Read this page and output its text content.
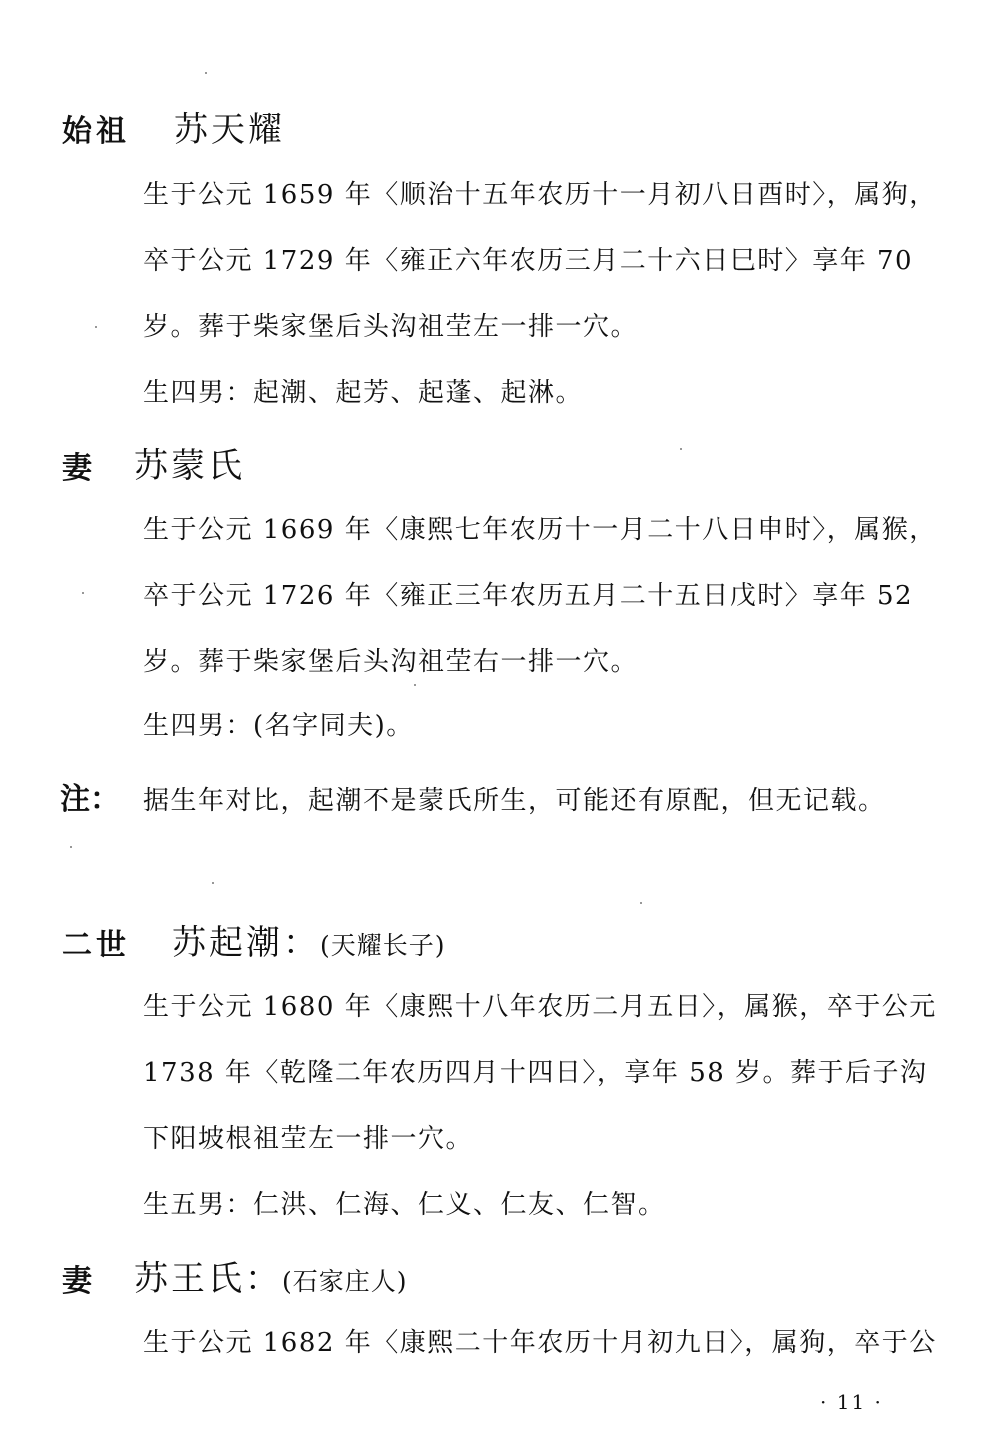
始祖 苏天耀
生于公元 1659 年〈顺治十五年农历十一月初八日酉时〉，属狗，
卒于公元 1729 年〈雍正六年农历三月二十六日巳时〉享年 70
岁。葬于柴家堡后头沟祖茔左一排一穴。
生四男：起潮、起芳、起蓬、起淋。
妻 苏蒙氏
生于公元 1669 年〈康熙七年农历十一月二十八日申时〉，属猴，
卒于公元 1726 年〈雍正三年农历五月二十五日戊时〉享年 52
岁。葬于柴家堡后头沟祖茔右一排一穴。
生四男：(名字同夫)。
注： 据生年对比，起潮不是蒙氏所生，可能还有原配，但无记载。
二世 苏起潮：(天耀长子)
生于公元 1680 年〈康熙十八年农历二月五日〉，属猴，卒于公元
1738 年〈乾隆二年农历四月十四日〉，享年 58 岁。葬于后子沟
下阳坡根祖茔左一排一穴。
生五男：仁洪、仁海、仁义、仁友、仁智。
妻 苏王氏：(石家庄人)
生于公元 1682 年〈康熙二十年农历十月初九日〉，属狗，卒于公
· 11 ·
